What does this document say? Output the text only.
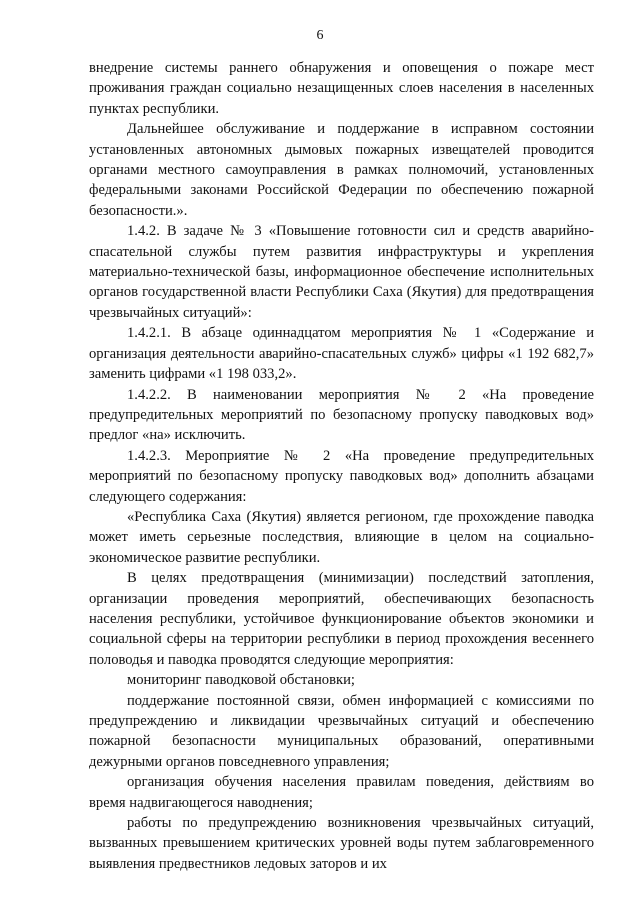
6

внедрение системы раннего обнаружения и оповещения о пожаре мест проживания граждан социально незащищенных слоев населения в населенных пунктах республики.

Дальнейшее обслуживание и поддержание в исправном состоянии установленных автономных дымовых пожарных извещателей проводится органами местного самоуправления в рамках полномочий, установленных федеральными законами Российской Федерации по обеспечению пожарной безопасности.».

1.4.2. В задаче № 3 «Повышение готовности сил и средств аварийно-спасательной службы путем развития инфраструктуры и укрепления материально-технической базы, информационное обеспечение исполнительных органов государственной власти Республики Саха (Якутия) для предотвращения чрезвычайных ситуаций»:

1.4.2.1. В абзаце одиннадцатом мероприятия № 1 «Содержание и организация деятельности аварийно-спасательных служб» цифры «1 192 682,7» заменить цифрами «1 198 033,2».

1.4.2.2. В наименовании мероприятия № 2 «На проведение предупредительных мероприятий по безопасному пропуску паводковых вод» предлог «на» исключить.

1.4.2.3. Мероприятие № 2 «На проведение предупредительных мероприятий по безопасному пропуску паводковых вод» дополнить абзацами следующего содержания:

«Республика Саха (Якутия) является регионом, где прохождение паводка может иметь серьезные последствия, влияющие в целом на социально-экономическое развитие республики.

В целях предотвращения (минимизации) последствий затопления, организации проведения мероприятий, обеспечивающих безопасность населения республики, устойчивое функционирование объектов экономики и социальной сферы на территории республики в период прохождения весеннего половодья и паводка проводятся следующие мероприятия:

мониторинг паводковой обстановки;

поддержание постоянной связи, обмен информацией с комиссиями по предупреждению и ликвидации чрезвычайных ситуаций и обеспечению пожарной безопасности муниципальных образований, оперативными дежурными органов повседневного управления;

организация обучения населения правилам поведения, действиям во время надвигающегося наводнения;

работы по предупреждению возникновения чрезвычайных ситуаций, вызванных превышением критических уровней воды путем заблаговременного выявления предвестников ледовых заторов и их
